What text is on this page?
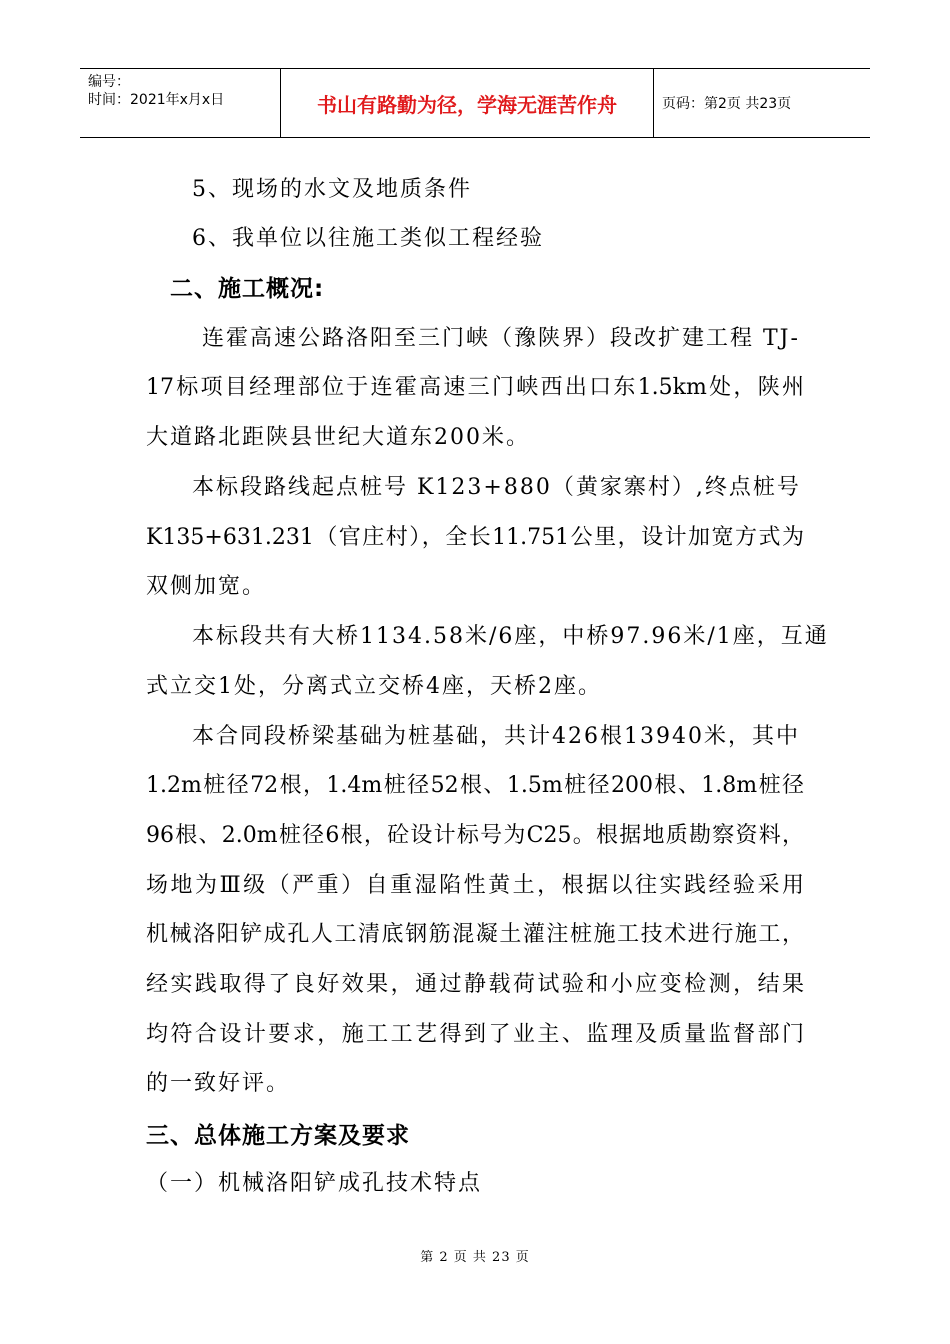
编号：
时间：2021年x月x日	书山有路勤为径，学海无涯苦作舟	页码：第2页 共23页
5、现场的水文及地质条件
6、我单位以往施工类似工程经验
二、施工概况:
连霍高速公路洛阳至三门峡（豫陕界）段改扩建工程 TJ-
17标项目经理部位于连霍高速三门峡西出口东1.5km处，陕州
大道路北距陕县世纪大道东200米。
本标段路线起点桩号 K123+880（黄家寨村）,终点桩号
K135+631.231（官庄村），全长11.751公里，设计加宽方式为
双侧加宽。
本标段共有大桥1134.58米/6座，中桥97.96米/1座，互通
式立交1处，分离式立交桥4座，天桥2座。
本合同段桥梁基础为桩基础，共计426根13940米，其中
1.2m桩径72根，1.4m桩径52根、1.5m桩径200根、1.8m桩径
96根、2.0m桩径6根，砼设计标号为C25。根据地质勘察资料，
场地为Ⅲ级（严重）自重湿陷性黄土，根据以往实践经验采用
机械洛阳铲成孔人工清底钢筋混凝土灌注桩施工技术进行施工，
经实践取得了良好效果，通过静载荷试验和小应变检测，结果
均符合设计要求，施工工艺得到了业主、监理及质量监督部门
的一致好评。
三、总体施工方案及要求
（一）机械洛阳铲成孔技术特点
第 2 页 共 23 页
